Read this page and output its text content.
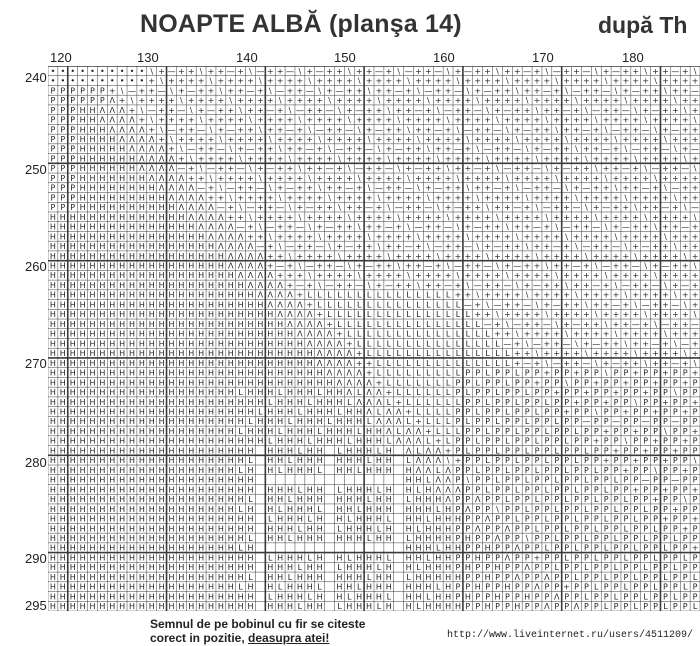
NOAPTE ALBĂ (planşa 14)	după Th
120	130	140	150	160	170	180
240
250
260
270
280
290
295
• • • • • • • • • • \ + — + + \ + + — + \ — + + — \ + — + + \ + + — + \ — + + — \ + — + + \ + + — + \ — + + — \ + — + + \ + + — + \
• • • • • • • • • • + \ + + + + \ + + + + \ + + + + \ + + + + \ + + + + \ + + + + \ + + + + \ + + + + \ + + + + \ + + + + \ + + + +
P P P P P P + \ — + + — \ + — + + \ + + — + \ — + + — \ + — + + \ + + — + \ — + + — \ + — + + \ + + — + \ — + + — \ + — + + \ + + —
P P P P P P Λ + \ + + + + \ + + + + \ + + + + \ + + + + \ + + + + \ + + + + \ + + + + \ + + + + \ + + + + \ + + + + \ + + + + \ + +
P P P H H Λ Λ Λ + \ — + + — \ + — + + \ + + — + \ — + + — \ + — + + \ + + — + \ — + + — \ + — + + \ + + — + \ — + + — \ + — + + \ +
P P P H H Λ Λ Λ Λ + \ + + + + \ + + + + \ + + + + \ + + + + \ + + + + \ + + + + \ + + + + \ + + + + \ + + + + \ + + + + \ + + + + \
P P P H H H Λ Λ Λ Λ + \ — + + — \ + — + + \ + + — + \ — + + — \ + — + + \ + + — + \ — + + — \ + — + + \ + + — + \ — + + — \ + — + +
P P P H H H H Λ Λ Λ Λ + \ + + + + \ + + + + \ + + + + \ + + + + \ + + + + \ + + + + \ + + + + \ + + + + \ + + + + \ + + + + \ + + +
P P P H H H H H Λ Λ Λ Λ + \ — + + — \ + — + + \ + + — + \ — + + — \ + — + + \ + + — + \ — + + — \ + — + + \ + + — + \ — + + — \ + —
P P P H H H H H H Λ Λ Λ Λ + \ + + + + \ + + + + \ + + + + \ + + + + \ + + + + \ + + + + \ + + + + \ + + + + \ + + + + \ + + + + \ +
P P P H H H H H H Λ Λ Λ Λ — + \ — + + — \ + — + + \ + + — + \ — + + — \ + — + + \ + + — + \ — + + — \ + — + + \ + + — + \ — + + — \
P P P H H H H H H H Λ Λ Λ Λ + + \ + + + + \ + + + + \ + + + + \ + + + + \ + + + + \ + + + + \ + + + + \ + + + + \ + + + + \ + + + +
P P P H H H H H H H H Λ Λ Λ Λ — + \ — + + — \ + — + + \ + + — + \ — + + — \ + — + + \ + + — + \ — + + — \ + — + + \ + + — + \ — + +
P P P H H H H H H H H H Λ Λ Λ Λ + + \ + + + + \ + + + + \ + + + + \ + + + + \ + + + + \ + + + + \ + + + + \ + + + + \ + + + + \ + +
P P P H H H H H H H H H H Λ Λ Λ Λ — + \ — + + — \ + — + + \ + + — + \ — + + — \ + — + + \ + + — + \ — + + — \ + — + + \ + + — + \ —
H H H H H H H H H H H H H H Λ Λ Λ Λ + + \ + + + + \ + + + + \ + + + + \ + + + + \ + + + + \ + + + + \ + + + + \ + + + + \ + + + + \
H H H H H H H H H H H H H H H Λ Λ Λ Λ — + \ — + + — \ + — + + \ + + — + \ — + + — \ + — + + \ + + — + \ — + + — \ + — + + \ + + — +
H H H H H H H H H H H H H H H H Λ Λ Λ Λ + + \ + + + + \ + + + + \ + + + + \ + + + + \ + + + + \ + + + + \ + + + + \ + + + + \ + + +
H H H H H H H H H H H H H H H H H Λ Λ Λ Λ — + \ — + + — \ + — + + \ + + — + \ — + + — \ + — + + \ + + — + \ — + + — \ + — + + \ + +
H H H H H H H H H H H H H H H H H H Λ Λ Λ Λ + + \ + + + + \ + + + + \ + + + + \ + + + + \ + + + + \ + + + + \ + + + + \ + + + + \ +
H H H H H H H H H H H H H H H H H H Λ Λ Λ Λ + — + \ — + + — \ + — + + \ + + — + \ — + + — \ + — + + \ + + — + \ — + + — \ + — + + \
H H H H H H H H H H H H H H H H H H H Λ Λ Λ Λ + + + \ + + + + \ + + + + \ + + + + \ + + + + \ + + + + \ + + + + \ + + + + \ + + + +
H H H H H H H H H H H H H H H H H H H H Λ Λ Λ Λ + — + \ — + + — \ + — + + \ + + — + \ — + + — \ + — + + \ + + — + \ — + + — \ + — +
H H H H H H H H H H H H H H H H H H H H H Λ Λ Λ Λ + L L L L L L L L L L L L L L L + + \ + + + + \ + + + + \ + + + + \ + + + + \ + +
H H H H H H H H H H H H H H H H H H H H H H Λ Λ Λ Λ + L L L L L L L L L L L L L L L — + \ — + + — \ + — + + \ + + — + \ — + + — \ +
H H H H H H H H H H H H H H H H H H H H H H H Λ Λ Λ Λ + L L L L L L L L L L L L L L L + + \ + + + + \ + + + + \ + + + + \ + + + + \
H H H H H H H H H H H H H H H H H H H H H H H H Λ Λ Λ Λ + L L L L L L L L L L L L L L L — + \ — + + — \ + — + + \ + + — + \ — + + —
H H H H H H H H H H H H H H H H H H H H H H H H H Λ Λ Λ Λ + L L L L L L L L L L L L L L L + + \ + + + + \ + + + + \ + + + + \ + + +
H H H H H H H H H H H H H H H H H H H H H H H H H H Λ Λ Λ Λ + L L L L L L L L L L L L L L L — + \ — + + — \ + — + + \ + + — + \ — +
H H H H H H H H H H H H H H H H H H H H H H H H H H H Λ Λ Λ Λ + L L L L L L L L L L L L L L L + + \ + + + + \ + + + + \ + + + + \ +
H H H H H H H H H H H H H H H H H H H H H H H H H H H Λ Λ Λ Λ + + L L L L L L L L L L L L L L + — + \ — + + — \ + — + + \ + + — + \
H H H H H H H H H H H H H H H H H H H H H H H H H H H H Λ Λ Λ Λ + L L L L L L L L L P P L P P L P P + P P + P P \ P P + P P + P P +
H H H H H H H H H H H H H H H H H H H H H H H H H H H H H Λ Λ Λ Λ + L L L L L L L P P L P P L P P + P P \ P P + P P + P P + P P + P
H H H H H H H H H H H H H H H H H H H L H H H L H H H L H H Λ L Λ Λ + L L L L L L P L P P L P P L P P + P P + P P + P P + P P \ P P
H H H H H H H H H H H H H H H H H H H H H H L H H H L H H H L Λ Λ Λ L + L L L L L L P P L P P L P P L P P + P P + P P \ P P + P P +
H H H H H H H H H H H H H H H H H H H H H L H H H L H H H L H H Λ L Λ Λ + L L L L P P L P P L P P L P P + P P \ P P + P P + P P + P
H H H H H H H H H H H H H H H H H H H H L H H H L H H H L H H H L Λ Λ Λ L + L L L P L P P L P P L P P L P P — P P — P P — P P — P P
H H H H H H H H H H H H H H H H H H H L H H H L H H H L H H H L H H Λ L Λ Λ + L L L P P L P P L P P L P P L P P + P P + P P \ P P +
H H H H H H H H H H H H H H H H H H H H H H L H H H L H H H L H H H L Λ Λ Λ L + L P P L P P L P P L P P L P P + P P \ P P + P P + P
H H H H H H H H H H H H H H H H H H H H H H H H L H H L H H H L H Λ L Λ Λ + P L P P L P P L P P L P P L P P + P P + P P + P P
H H H H H H H H H H H H H H H H H H H H L H H L H H H H H H L H H L Λ Λ Λ \ + P P L P P L P P L P P L P P + P P + P P + P P \
H H H H H H H H H H H H H H H H H H H L H H L H H H L H H L H H H H Λ Λ L Λ P P L P P L P P L P P L P P L P P + P P \ P P + P
H H H H H H H H H H H H H H H H H H H H H	H H L Λ Λ P \ P P L P P L P P L P P L P P L P P — P P — P P
H H H H H H H H H H H H H H H H H H H H H H H H L H H L H H H L H H L H Λ Λ Λ P P L P P L P P L P P L P P L P P + P P + P P +
H H H H H H H H H H H H H H H H H H H H L H H L H H H H H H L H H L H H H Λ P P Λ P P L P P L P P L P P L P P L P P + P P \ P
H H H H H H H H H H H H H H H H H H H L H H L H H H L H H L H H H H H H L H P Λ P P \ P P L P P L P P L P P L P P L P P + P P
H H H H H H H H H H H H H H H H H H H H H L H H H L H H L H H H L H H L H H H P P Λ P P L P P L P P L P P L P P L P P + P P +
H H H H H H H H H H H H H H H H H H H H H H H H L H H L H H H L H H L H H H P P Λ P P Λ P P L P P L P P L P P L P P L P P + P
H H H H H H H H H H H H H H H H H H H H L H H L H H H H H H L H H L H H H H P H P P Λ P P \ P P L P P L P P L P P L P P L P P
H H H H H H H H H H H H H H H H H H H L H	H H H L H H P P H P P Λ P P L P P L P P L P P L P P L P P +
H H H H H H H H H H H H H H H H H H H H H L H H H L H H L H H H L H H L H H P P H P P Λ P P + P P L P P L P P L P P L P P L P
H H H H H H H H H H H H H H H H H H H H H H H H L H H L H H H L H H L H H H P H P P H P P Λ P P L P P L P P L P P L P P L P P
H H H H H H H H H H H H H H H H H H H H L H H L H H H H H H L H H L H H H H H P P H P P Λ P P Λ P P L P P L P P L P P L P P L
H H H H H H H H H H H H H H H H H H H L H H L H H H L H H L H H H H H H L H P P H P P H P P Λ P P + P P L P P L P P L P P L P
H H H H H H H H H H H H H H H H H H H H H L H H H L H H L H H H L H H L H H P H P P H P P H P P Λ P P L P P L P P L P P L P P
H H H H H H H H H H H H H H H H H H H H H H H H L H H L H H H L H H L H H H H P P H P P H P P Λ P P Λ P P L P P L P P L P P L
Semnul de pe bobinul cu fir se citeste
corect in pozitie, deasupra atei!	http://www.liveinternet.ru/users/4511209/
